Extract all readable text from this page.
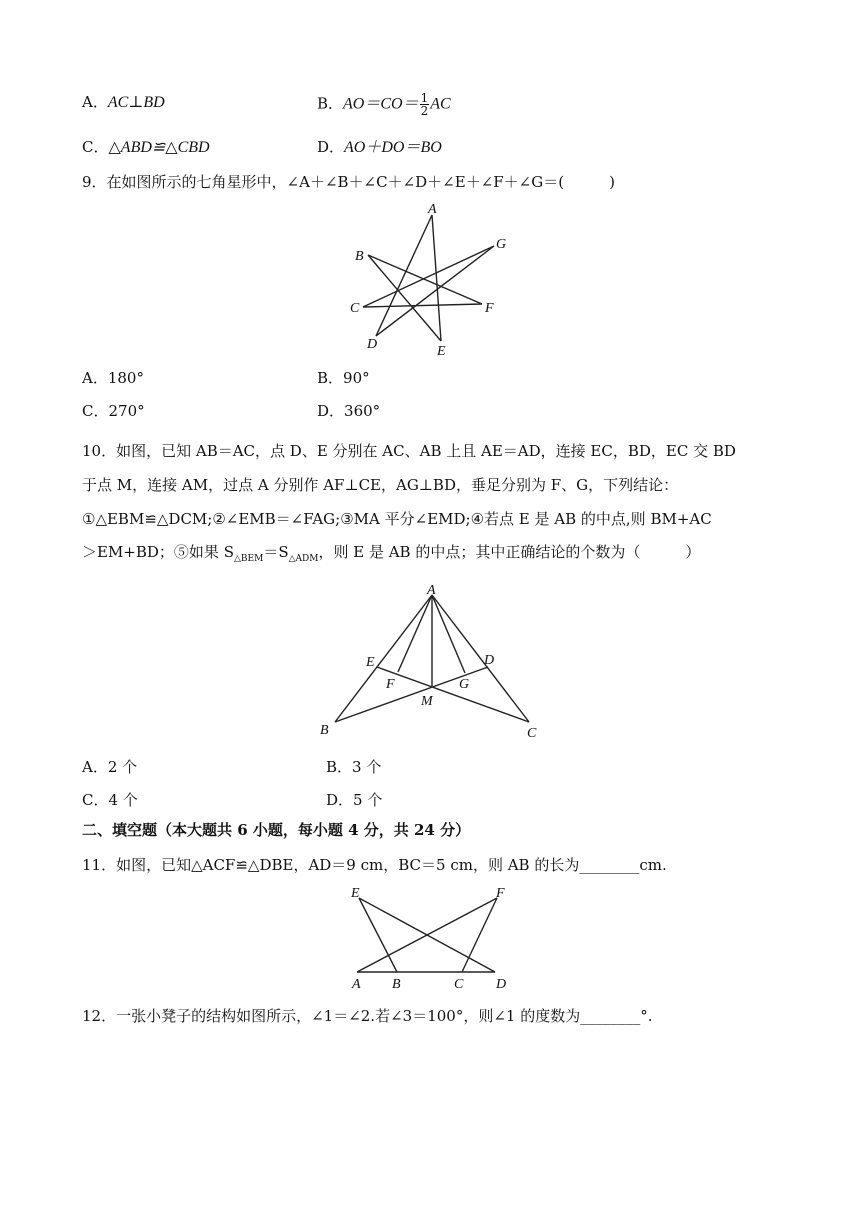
A．AC⊥BD	B．$AO=CO= \frac{1}{2}$ AC
C．△ABD≌△CBD	D．AO＋DO＝BO
9．在如图所示的七角星形中，∠A＋∠B＋∠C＋∠D＋∠E＋∠F＋∠G＝(　　　)
A
B
C
D	E
F
G
A．180°	B．90°
C．270°	D．360°
10．如图，已知 AB＝AC，点 D、E 分别在 AC、AB 上且 AE＝AD，连接 EC，BD，EC 交 BD
于点 M，连接 AM，过点 A 分别作 AF⊥CE，AG⊥BD，垂足分别为 F、G，下列结论：
①△EBM≌△DCM;②∠EMB＝∠FAG;③MA 平分∠EMD;④若点 E 是 AB 的中点,则 BM+AC
＞EM+BD；⑤如果 $S_{\triangle BEM}=S_{\triangle ADM}$，则 E 是 AB 的中点；其中正确结论的个数为（　　　）
A
E	D
F	G
M
B	C
A．2 个	B．3 个
C．4 个	D．5 个
二、填空题（本大题共 6 小题，每小题 4 分，共 24 分）
11．如图，已知△ACF≌△DBE，AD＝9 cm，BC＝5 cm，则 AB 的长为________cm.
E	F
A B	C D
12．一张小凳子的结构如图所示，∠1＝∠2.若∠3＝100°，则∠1 的度数为________°.
